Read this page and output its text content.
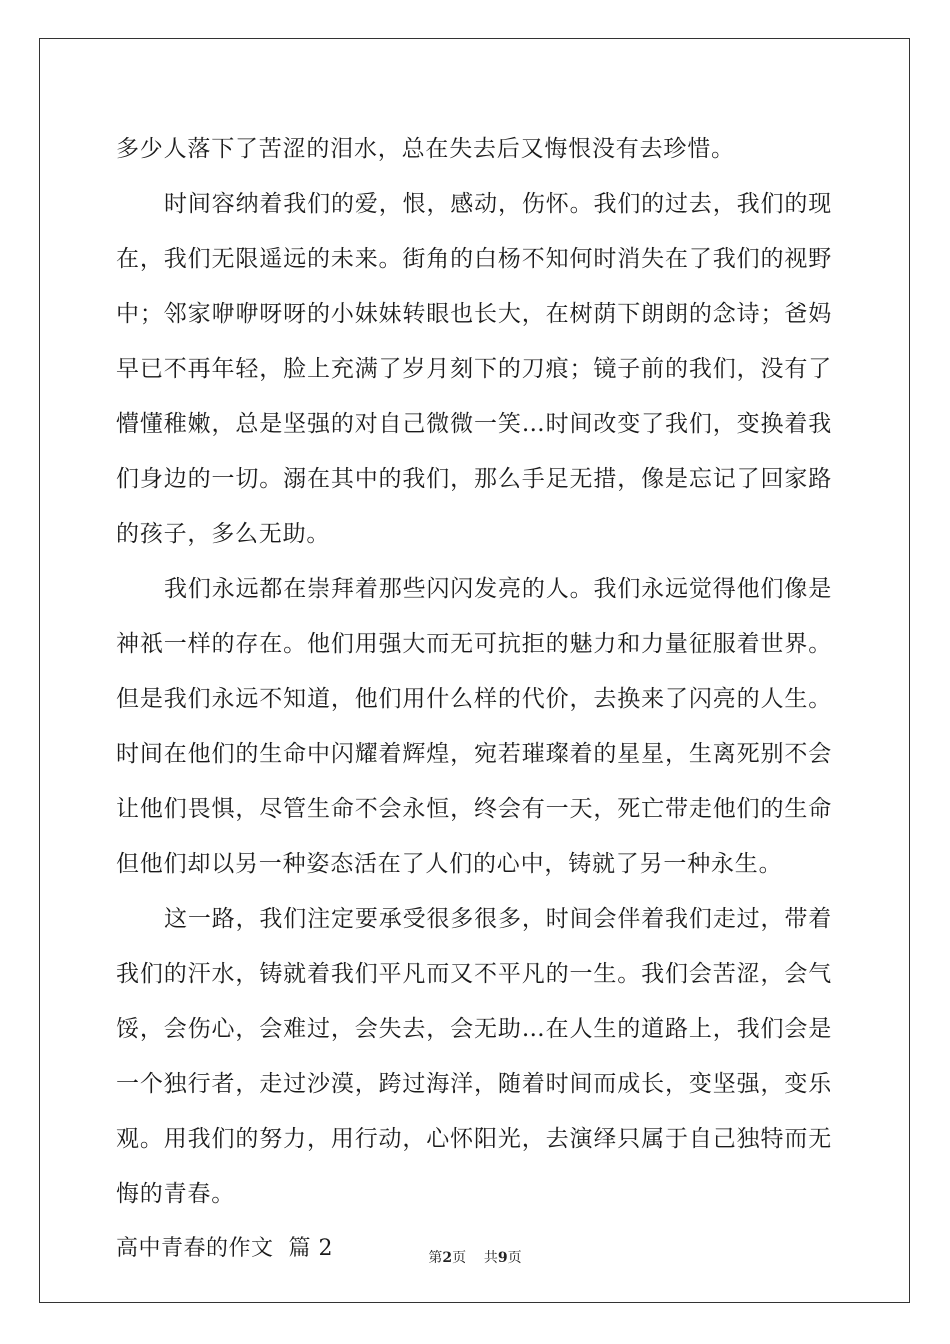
多少人落下了苦涩的泪水，总在失去后又悔恨没有去珍惜。
时间容纳着我们的爱，恨，感动，伤怀。我们的过去，我们的现
在，我们无限遥远的未来。街角的白杨不知何时消失在了我们的视野
中；邻家咿咿呀呀的小妹妹转眼也长大，在树荫下朗朗的念诗；爸妈
早已不再年轻，脸上充满了岁月刻下的刀痕；镜子前的我们，没有了
懵懂稚嫩，总是坚强的对自己微微一笑…时间改变了我们，变换着我
们身边的一切。溺在其中的我们，那么手足无措，像是忘记了回家路
的孩子，多么无助。
我们永远都在崇拜着那些闪闪发亮的人。我们永远觉得他们像是
神祇一样的存在。他们用强大而无可抗拒的魅力和力量征服着世界。
但是我们永远不知道，他们用什么样的代价，去换来了闪亮的人生。
时间在他们的生命中闪耀着辉煌，宛若璀璨着的星星，生离死别不会
让他们畏惧，尽管生命不会永恒，终会有一天，死亡带走他们的生命
但他们却以另一种姿态活在了人们的心中，铸就了另一种永生。
这一路，我们注定要承受很多很多，时间会伴着我们走过，带着
我们的汗水，铸就着我们平凡而又不平凡的一生。我们会苦涩，会气
馁，会伤心，会难过，会失去，会无助…在人生的道路上，我们会是
一个独行者，走过沙漠，跨过海洋，随着时间而成长，变坚强，变乐
观。用我们的努力，用行动，心怀阳光，去演绎只属于自己独特而无
悔的青春。
高中青春的作文  篇 2	第2页    共9页
